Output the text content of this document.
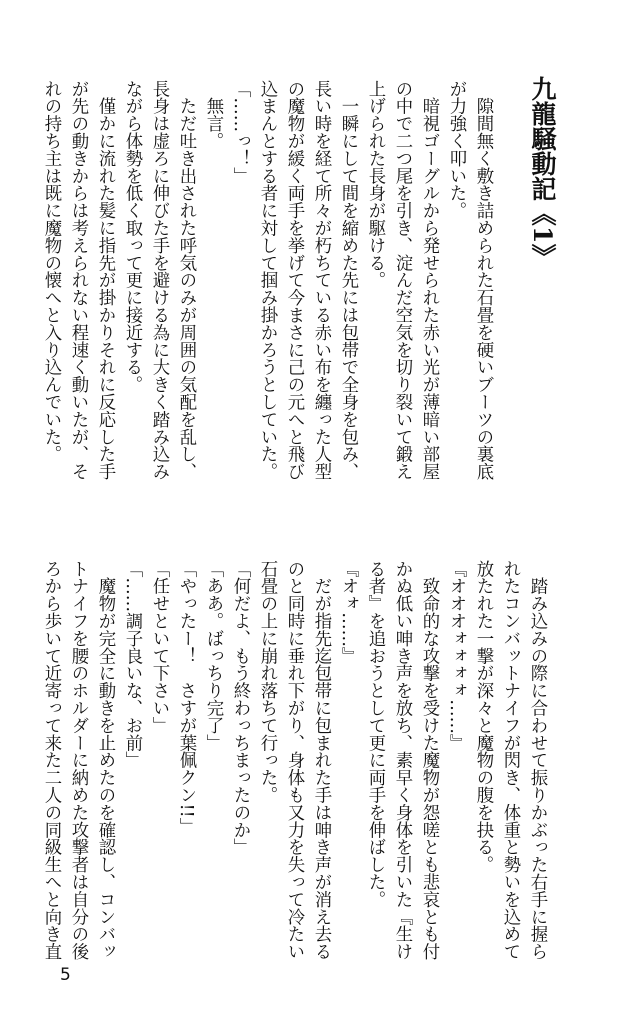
九龍騒動記《1》
　隙間無く敷き詰められた石畳を硬いブーツの裏底
が力強く叩いた。
　暗視ゴーグルから発せられた赤い光が薄暗い部屋
の中で二つ尾を引き、淀んだ空気を切り裂いて鍛え
上げられた長身が駆ける。
　一瞬にして間を縮めた先には包帯で全身を包み、
長い時を経て所々が朽ちている赤い布を纏った人型
の魔物が緩く両手を挙げて今まさに己の元へと飛び
込まんとする者に対して掴み掛かろうとしていた。
「……っ！」
　無言。
　ただ吐き出された呼気のみが周囲の気配を乱し、
長身は虚ろに伸びた手を避ける為に大きく踏み込み
ながら体勢を低く取って更に接近する。
　僅かに流れた髪に指先が掛かりそれに反応した手
が先の動きからは考えられない程速く動いたが、そ
れの持ち主は既に魔物の懐へと入り込んでいた。
　踏み込みの際に合わせて振りかぶった右手に握ら
れたコンバットナイフが閃き、体重と勢いを込めて
放たれた一撃が深々と魔物の腹を抉る。
『オオオォォォォ……』
　致命的な攻撃を受けた魔物が怨嗟とも悲哀とも付
かぬ低い呻き声を放ち、素早く身体を引いた『生け
る者』を追おうとして更に両手を伸ばした。
『オォ……』
　だが指先迄包帯に包まれた手は呻き声が消え去る
のと同時に垂れ下がり、身体も又力を失って冷たい
石畳の上に崩れ落ちて行った。
「何だよ、もう終わっちまったのか」
「ああ。ばっちり完了」
「やったー！　さすが葉佩クン!!」
「任せといて下さい」
「……調子良いな、お前」
　魔物が完全に動きを止めたのを確認し、コンバッ
トナイフを腰のホルダーに納めた攻撃者は自分の後
ろから歩いて近寄って来た二人の同級生へと向き直
5
